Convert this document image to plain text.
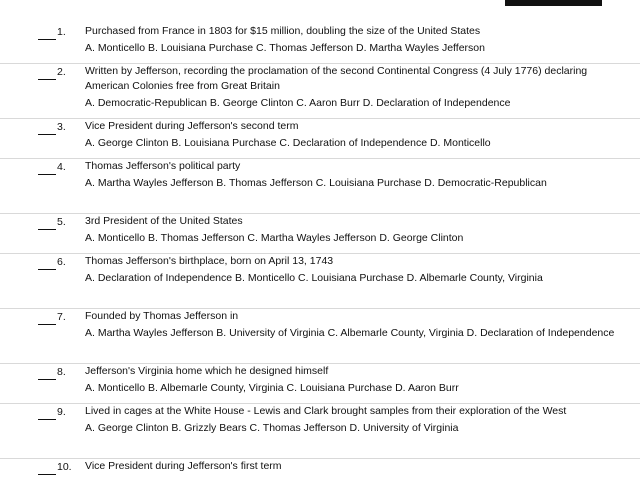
1.	Purchased from France in 1803 for $15 million, doubling the size of the United States

A. Monticello B. Louisiana Purchase C. Thomas Jefferson D. Martha Wayles Jefferson

2.	Written by Jefferson, recording the proclamation of the second Continental Congress (4 July 1776) declaring American Colonies free from Great Britain

A. Democratic-Republican B. George Clinton C. Aaron Burr D. Declaration of Independence

3.	Vice President during Jefferson's second term

A. George Clinton B. Louisiana Purchase C. Declaration of Independence D. Monticello

4.	Thomas Jefferson's political party

A. Martha Wayles Jefferson B. Thomas Jefferson C. Louisiana Purchase D. Democratic-Republican

5.	3rd President of the United States

A. Monticello B. Thomas Jefferson C. Martha Wayles Jefferson D. George Clinton

6.	Thomas Jefferson's birthplace, born on April 13, 1743

A. Declaration of Independence B. Monticello C. Louisiana Purchase D. Albemarle County, Virginia

7.	Founded by Thomas Jefferson in

A. Martha Wayles Jefferson B. University of Virginia C. Albemarle County, Virginia D. Declaration of Independence

8.	Jefferson's Virginia home which he designed himself

A. Monticello B. Albemarle County, Virginia C. Louisiana Purchase D. Aaron Burr

9.	Lived in cages at the White House - Lewis and Clark brought samples from their exploration of the West

A. George Clinton B. Grizzly Bears C. Thomas Jefferson D. University of Virginia

10.	Vice President during Jefferson's first term
